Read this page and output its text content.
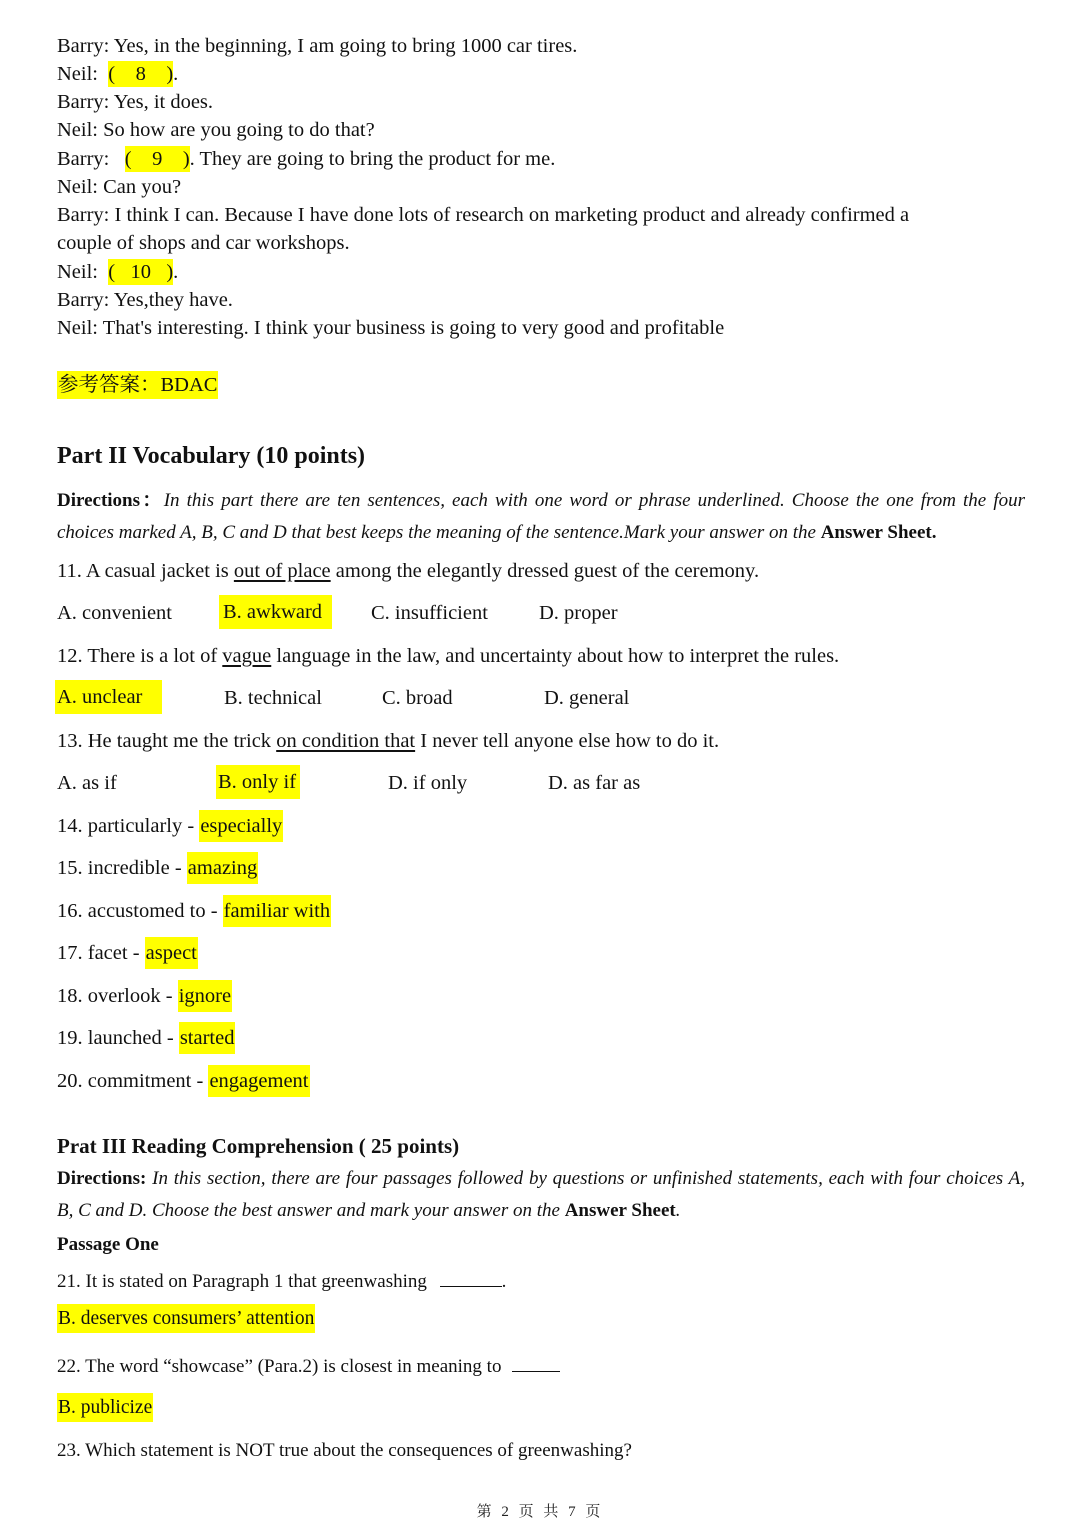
Barry: Yes, in the beginning, I am going to bring 1000 car tires.
Neil: (    8    ).
Barry: Yes, it does.
Neil: So how are you going to do that?
Barry: (    9    ). They are going to bring the product for me.
Neil: Can you?
Barry: I think I can. Because I have done lots of research on marketing product and already confirmed a
couple of shops and car workshops.
Neil: (   10   ).
Barry: Yes,they have.
Neil: That's interesting. I think your business is going to very good and profitable
参考答案：BDAC
Part II Vocabulary (10 points)
Directions：In this part there are ten sentences, each with one word or phrase underlined. Choose the one from the four choices marked A, B, C and D that best keeps the meaning of the sentence.Mark your answer on the Answer Sheet.
11. A casual jacket is out of place among the elegantly dressed guest of the ceremony.
A. convenient B. awkward	C. insufficient D. proper
12. There is a lot of vague language in the law, and uncertainty about how to interpret the rules.
A. unclear	B. technical	C. broad	D. general
13. He taught me the trick on condition that I never tell anyone else how to do it.
A. as if	B. only if	D. if only	D. as far as
14. particularly - especially
15. incredible - amazing
16. accustomed to - familiar with
17. facet - aspect
18. overlook - ignore
19. launched - started
20. commitment - engagement
Prat III Reading Comprehension ( 25 points)
Directions: In this section, there are four passages followed by questions or unfinished statements, each with four choices A, B, C and D. Choose the best answer and mark your answer on the Answer Sheet.
Passage One
21. It is stated on Paragraph 1 that greenwashing	.
B. deserves consumers’ attention
22. The word “showcase” (Para.2) is closest in meaning to
B. publicize
23. Which statement is NOT true about the consequences of greenwashing?
第 2 页 共 7 页
